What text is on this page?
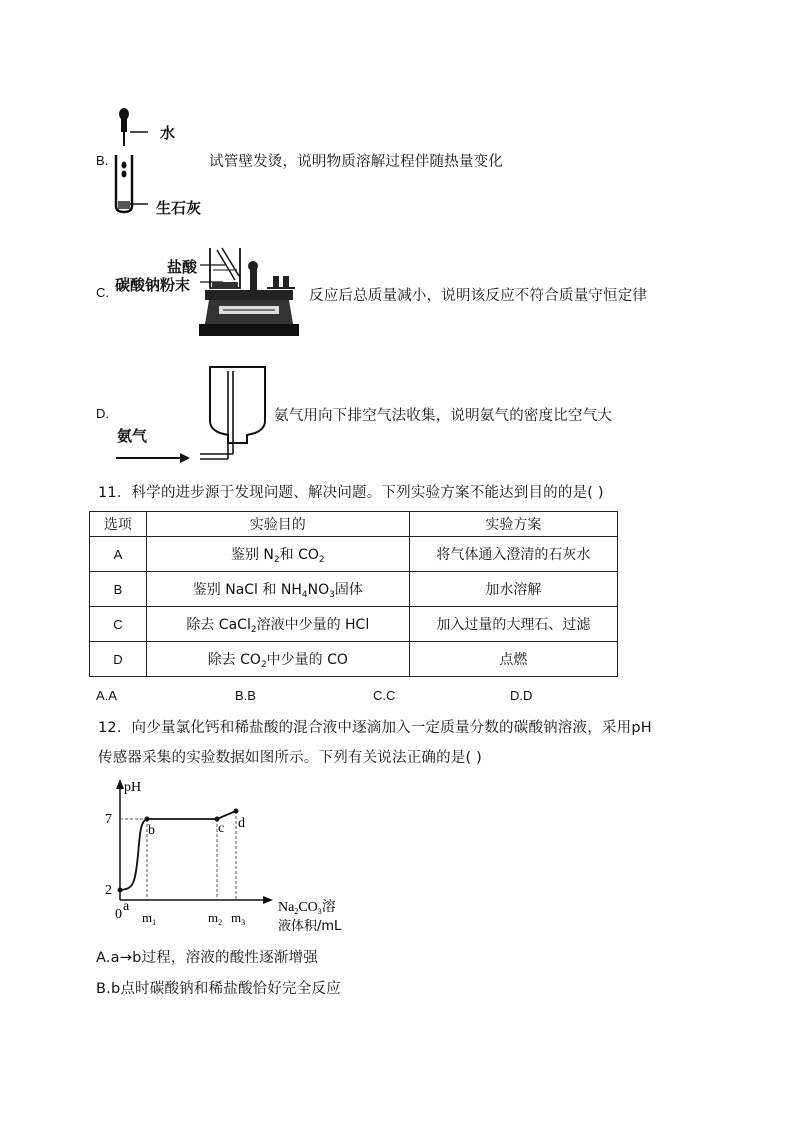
B.
水
生石灰
试管壁发烫，说明物质溶解过程伴随热量变化
C.
盐酸
碳酸钠粉末
反应后总质量减小，说明该反应不符合质量守恒定律
D.
氨气
氨气用向下排空气法收集，说明氨气的密度比空气大
11．科学的进步源于发现问题、解决问题。下列实验方案不能达到目的的是( )
选项	实验目的	实验方案
A	鉴别 $N_2$和 $CO_2$	将气体通入澄清的石灰水
B	鉴别 NaCl 和 $NH_4NO_3$固体	加水溶解
C	除去 CaCl$_2$溶液中少量的 HCl	加入过量的大理石、过滤
D	除去 $CO_2$中少量的 CO	点燃
A.A	B.B	C.C	D.D
12．向少量氯化钙和稀盐酸的混合液中逐滴加入一定质量分数的碳酸钠溶液，采用pH
传感器采集的实验数据如图所示。下列有关说法正确的是( )
pH
7
2
0
a
b	c d
$m_1$	$m_2$ $m_3$
$Na_2CO_3$溶
液体积/mL
A.a→b过程，溶液的酸性逐渐增强
B.b点时碳酸钠和稀盐酸恰好完全反应
